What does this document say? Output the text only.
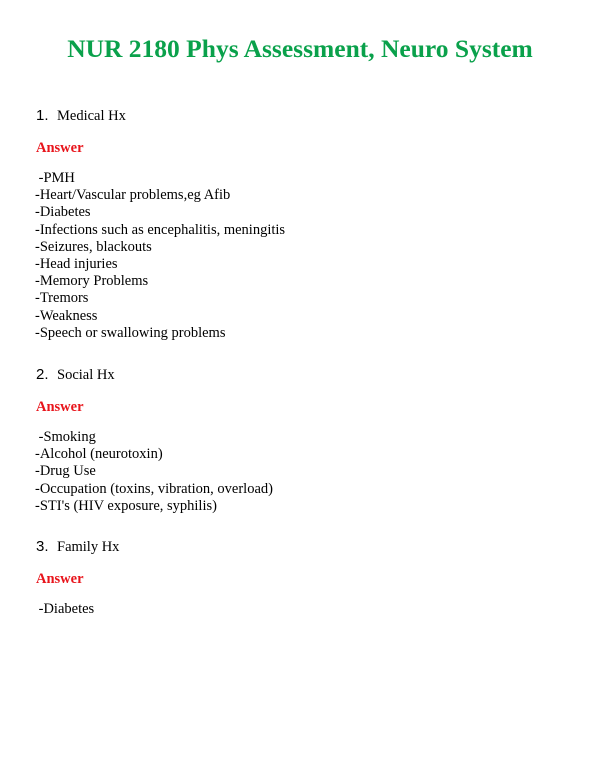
NUR 2180 Phys Assessment, Neuro System
1. Medical Hx
Answer
-PMH
-Heart/Vascular problems,eg Afib
-Diabetes
-Infections such as encephalitis, meningitis
-Seizures, blackouts
-Head injuries
-Memory Problems
-Tremors
-Weakness
-Speech or swallowing problems
2. Social Hx
Answer
-Smoking
-Alcohol (neurotoxin)
-Drug Use
-Occupation (toxins, vibration, overload)
-STI's (HIV exposure, syphilis)
3. Family Hx
Answer
-Diabetes
